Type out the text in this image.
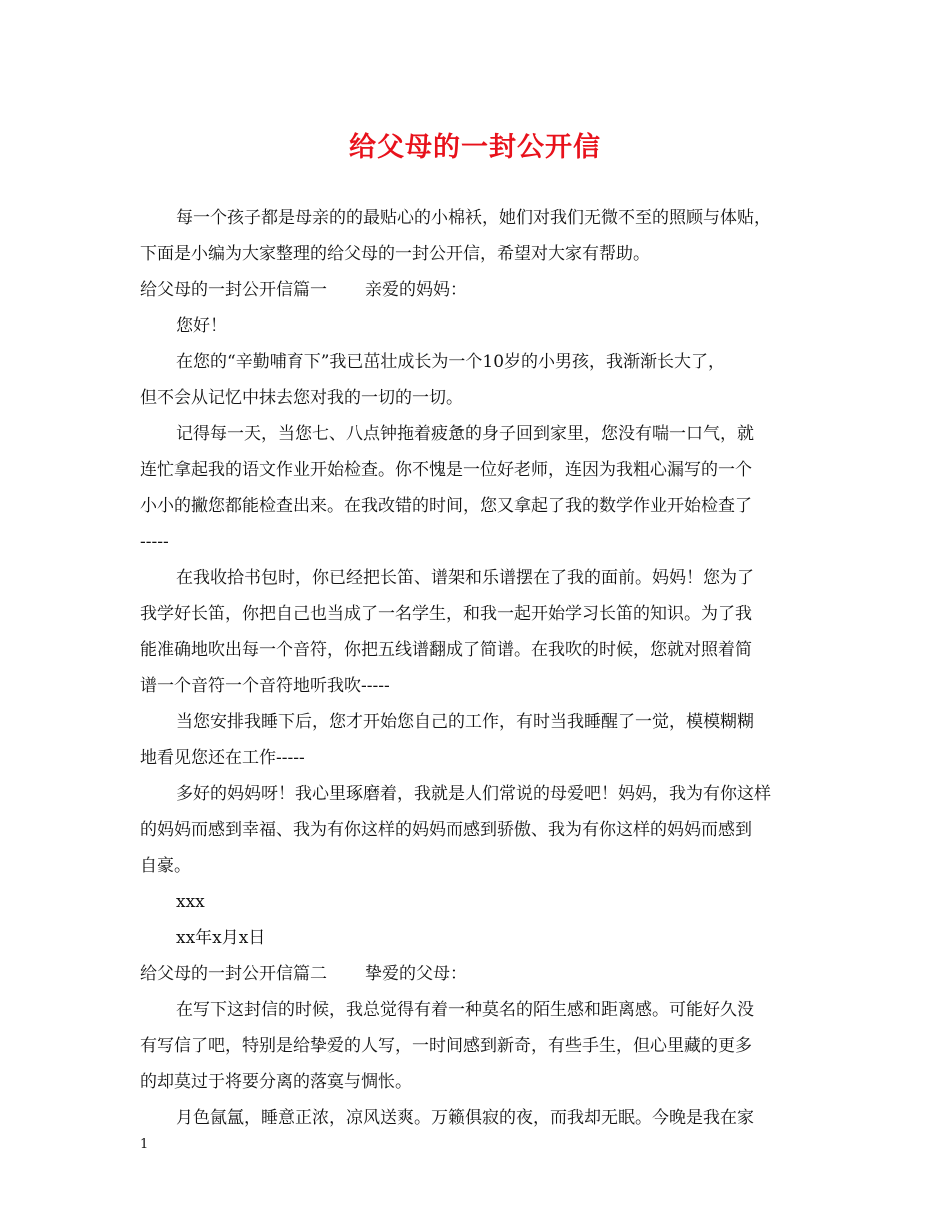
给父母的一封公开信
每一个孩子都是母亲的的最贴心的小棉袄，她们对我们无微不至的照顾与体贴，
下面是小编为大家整理的给父母的一封公开信，希望对大家有帮助。
给父母的一封公开信篇一 亲爱的妈妈：
您好！
在您的“辛勤哺育下”我已茁壮成长为一个10岁的小男孩，我渐渐长大了，
但不会从记忆中抹去您对我的一切的一切。
记得每一天，当您七、八点钟拖着疲惫的身子回到家里，您没有喘一口气，就
连忙拿起我的语文作业开始检查。你不愧是一位好老师，连因为我粗心漏写的一个
小小的撇您都能检查出来。在我改错的时间，您又拿起了我的数学作业开始检查了
-----
在我收拾书包时，你已经把长笛、谱架和乐谱摆在了我的面前。妈妈！您为了
我学好长笛，你把自己也当成了一名学生，和我一起开始学习长笛的知识。为了我
能准确地吹出每一个音符，你把五线谱翻成了简谱。在我吹的时候，您就对照着简
谱一个音符一个音符地听我吹-----
当您安排我睡下后，您才开始您自己的工作，有时当我睡醒了一觉，模模糊糊
地看见您还在工作-----
多好的妈妈呀！我心里琢磨着，我就是人们常说的母爱吧！妈妈，我为有你这样
的妈妈而感到幸福、我为有你这样的妈妈而感到骄傲、我为有你这样的妈妈而感到
自豪。
xxx
xx年x月x日
给父母的一封公开信篇二 挚爱的父母：
在写下这封信的时候，我总觉得有着一种莫名的陌生感和距离感。可能好久没
有写信了吧，特别是给挚爱的人写，一时间感到新奇，有些手生，但心里藏的更多
的却莫过于将要分离的落寞与惆怅。
月色氤氲，睡意正浓，凉风送爽。万籁俱寂的夜，而我却无眠。今晚是我在家
1
